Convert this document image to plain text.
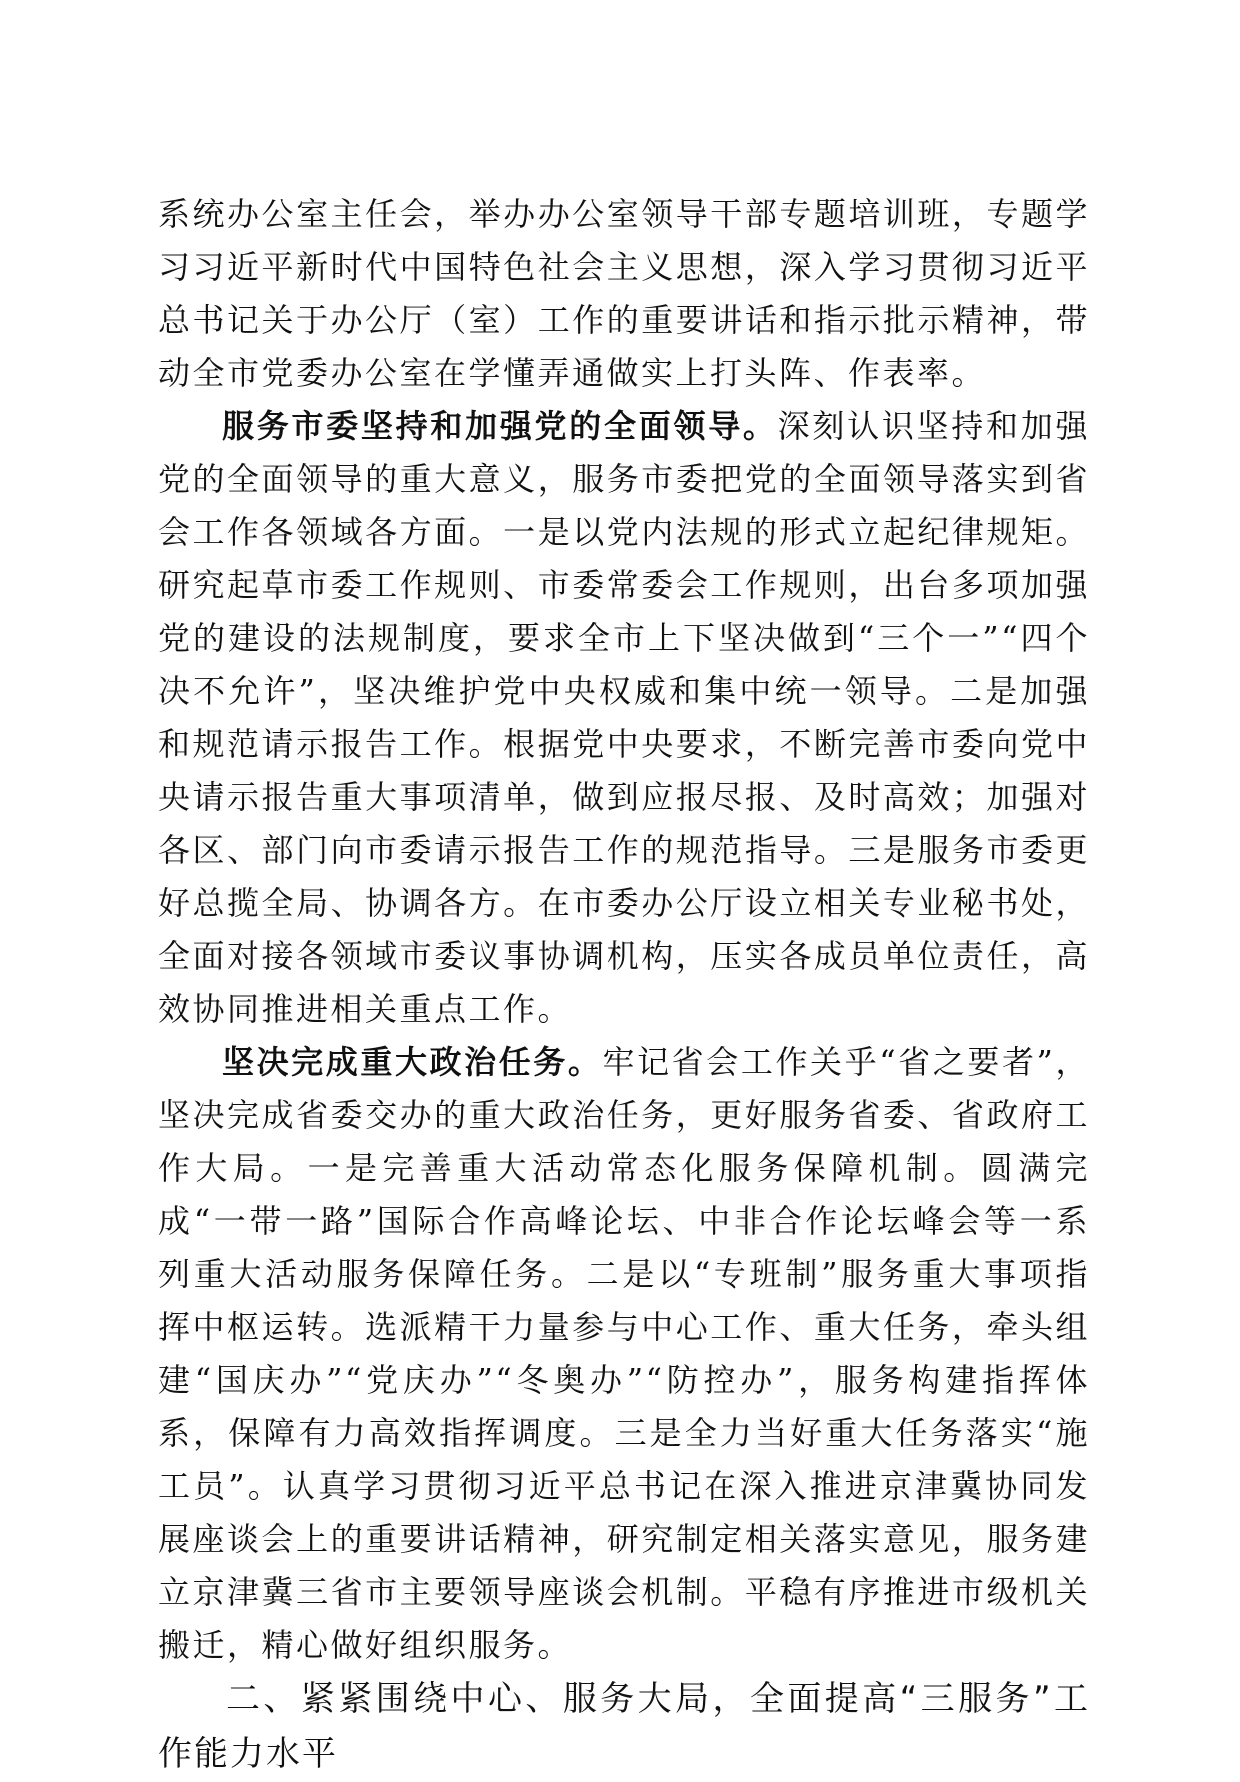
系统办公室主任会，举办办公室领导干部专题培训班，专题学习习近平新时代中国特色社会主义思想，深入学习贯彻习近平总书记关于办公厅（室）工作的重要讲话和指示批示精神，带动全市党委办公室在学懂弄通做实上打头阵、作表率。

服务市委坚持和加强党的全面领导。深刻认识坚持和加强党的全面领导的重大意义，服务市委把党的全面领导落实到省会工作各领域各方面。一是以党内法规的形式立起纪律规矩。研究起草市委工作规则、市委常委会工作规则，出台多项加强党的建设的法规制度，要求全市上下坚决做到“三个一”“四个决不允许”，坚决维护党中央权威和集中统一领导。二是加强和规范请示报告工作。根据党中央要求，不断完善市委向党中央请示报告重大事项清单，做到应报尽报、及时高效；加强对各区、部门向市委请示报告工作的规范指导。三是服务市委更好总揽全局、协调各方。在市委办公厅设立相关专业秘书处，全面对接各领域市委议事协调机构，压实各成员单位责任，高效协同推进相关重点工作。

坚决完成重大政治任务。牢记省会工作关乎“省之要者”，坚决完成省委交办的重大政治任务，更好服务省委、省政府工作大局。一是完善重大活动常态化服务保障机制。圆满完成“一带一路”国际合作高峰论坛、中非合作论坛峰会等一系列重大活动服务保障任务。二是以“专班制”服务重大事项指挥中枢运转。选派精干力量参与中心工作、重大任务，牵头组建“国庆办”“党庆办”“冬奥办”“防控办”，服务构建指挥体系，保障有力高效指挥调度。三是全力当好重大任务落实“施工员”。认真学习贯彻习近平总书记在深入推进京津冀协同发展座谈会上的重要讲话精神，研究制定相关落实意见，服务建立京津冀三省市主要领导座谈会机制。平稳有序推进市级机关搬迁，精心做好组织服务。

二、紧紧围绕中心、服务大局，全面提高“三服务”工作能力水平
